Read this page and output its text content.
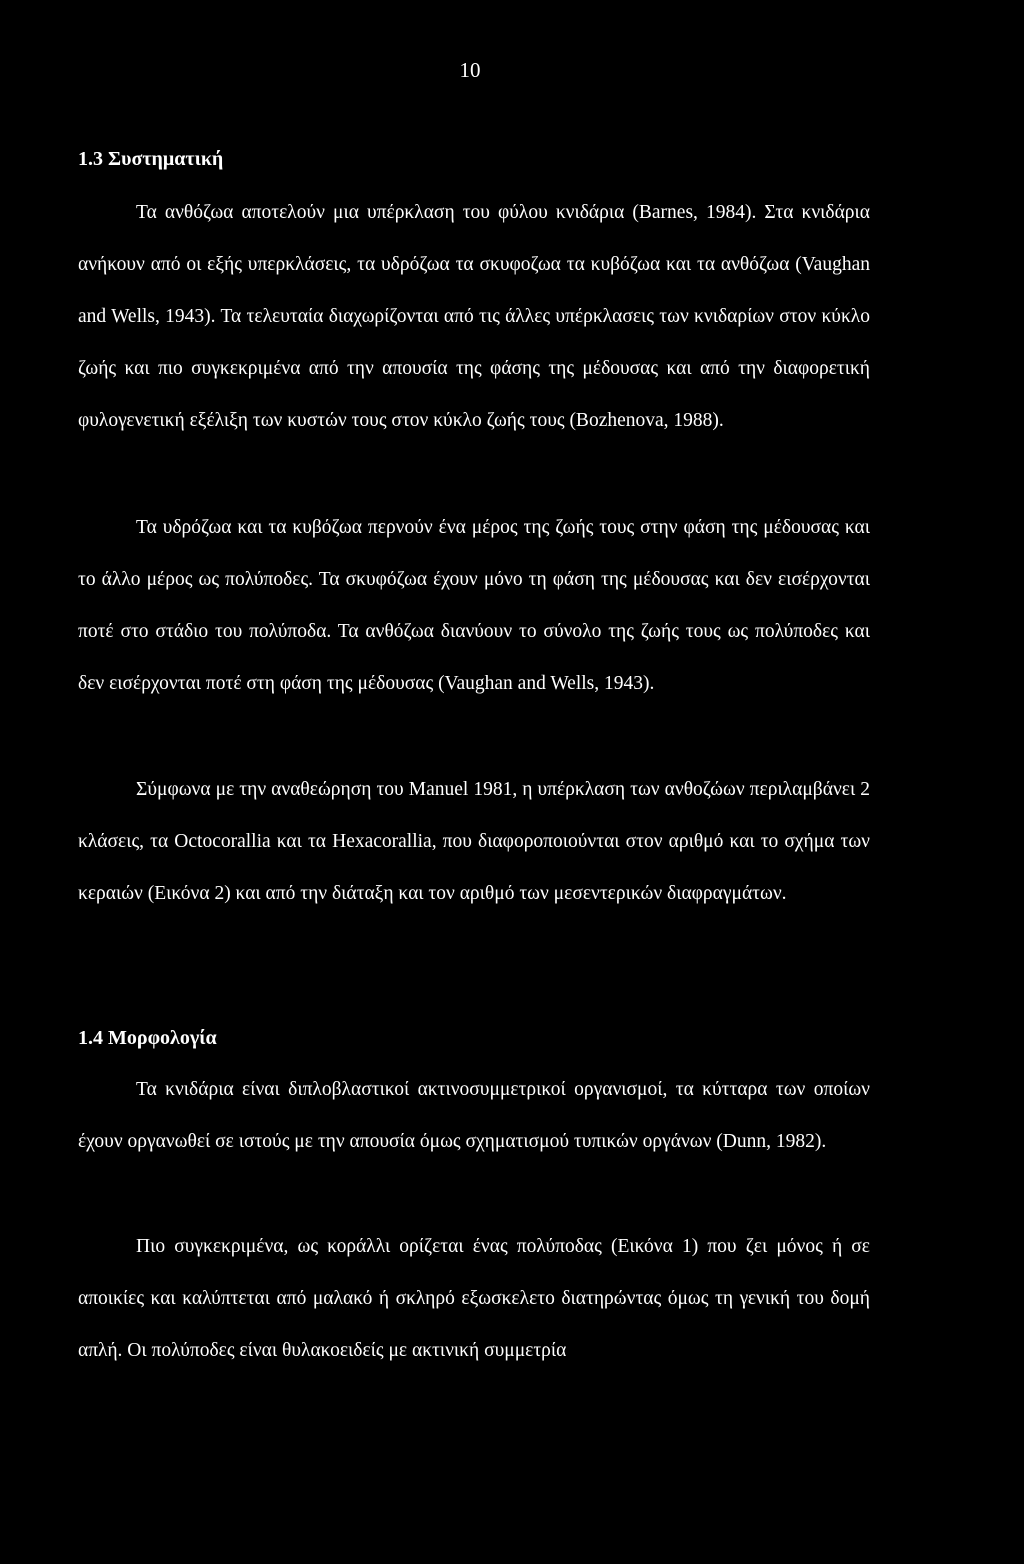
10
1.3 Συστηματική

Τα ανθόζωα αποτελούν μια υπέρκλαση του φύλου κνιδάρια (Barnes, 1984). Στα κνιδάρια ανήκουν από οι εξής υπερκλάσεις, τα υδρόζωα τα σκυφοζωα τα κυβόζωα και τα ανθόζωα (Vaughan and Wells, 1943). Τα τελευταία διαχωρίζονται από τις άλλες υπέρκλασεις των κνιδαρίων στον κύκλο ζωής και πιο συγκεκριμένα από την απουσία της φάσης της μέδουσας και από την διαφορετική φυλογενετική εξέλιξη των κυστών τους στον κύκλο ζωής τους (Bozhenova, 1988).

Τα υδρόζωα και τα κυβόζωα περνούν ένα μέρος της ζωής τους στην φάση της μέδουσας και το άλλο μέρος ως πολύποδες. Τα σκυφόζωα έχουν μόνο τη φάση της μέδουσας και δεν εισέρχονται ποτέ στο στάδιο του πολύποδα. Τα ανθόζωα διανύουν το σύνολο της ζωής τους ως πολύποδες και δεν εισέρχονται ποτέ στη φάση της μέδουσας (Vaughan and Wells, 1943).

Σύμφωνα με την αναθεώρηση του Manuel 1981, η υπέρκλαση των ανθοζώων περιλαμβάνει 2 κλάσεις, τα Octocorallia και τα Hexacorallia, που διαφοροποιούνται στον αριθμό και το σχήμα των κεραιών (Εικόνα 2) και από την διάταξη και τον αριθμό των μεσεντερικών διαφραγμάτων.

1.4 Μορφολογία

Τα κνιδάρια είναι διπλοβλαστικοί ακτινοσυμμετρικοί οργανισμοί, τα κύτταρα των οποίων έχουν οργανωθεί σε ιστούς με την απουσία όμως σχηματισμού τυπικών οργάνων (Dunn, 1982).

Πιο συγκεκριμένα, ως κοράλλι ορίζεται ένας πολύποδας (Εικόνα 1) που ζει μόνος ή σε αποικίες και καλύπτεται από μαλακό ή σκληρό εξωσκελετο διατηρώντας όμως τη γενική του δομή απλή. Οι πολύποδες είναι θυλακοειδείς με ακτινική συμμετρία
